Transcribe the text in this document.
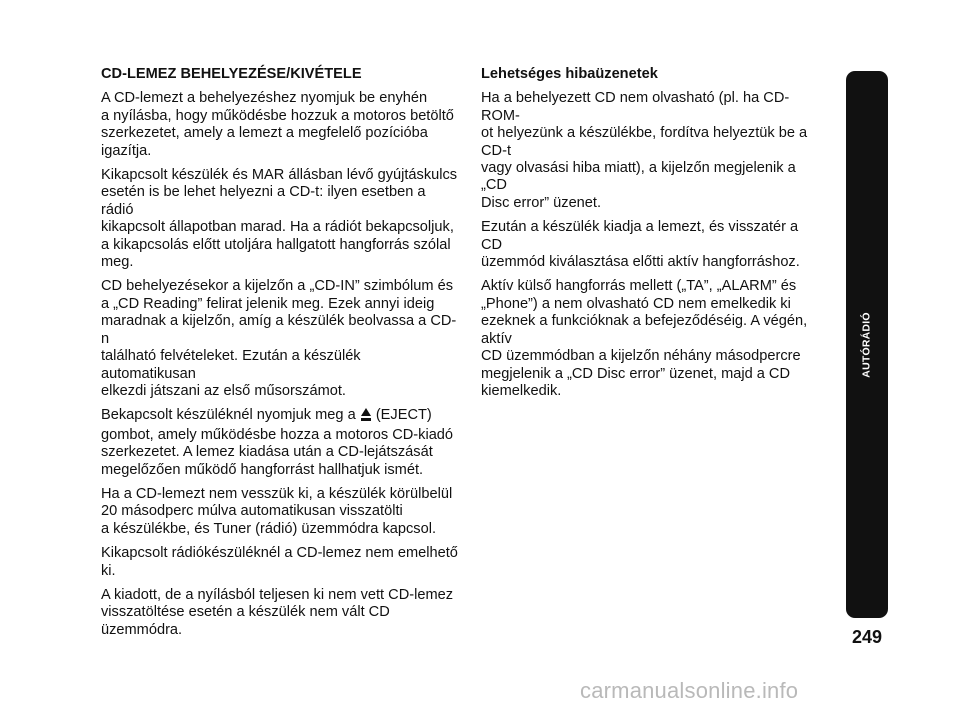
CD-LEMEZ BEHELYEZÉSE/KIVÉTELE

A CD-lemezt a behelyezéshez nyomjuk be enyhén
a nyílásba, hogy működésbe hozzuk a motoros betöltő
szerkezetet, amely a lemezt a megfelelő pozícióba
igazítja.

Kikapcsolt készülék és MAR állásban lévő gyújtáskulcs
esetén is be lehet helyezni a CD-t: ilyen esetben a rádió
kikapcsolt állapotban marad. Ha a rádiót bekapcsoljuk,
a kikapcsolás előtt utoljára hallgatott hangforrás szólal
meg.

CD behelyezésekor a kijelzőn a „CD-IN” szimbólum és
a „CD Reading” felirat jelenik meg. Ezek annyi ideig
maradnak a kijelzőn, amíg a készülék beolvassa a CD-n
található felvételeket. Ezután a készülék automatikusan
elkezdi játszani az első műsorszámot.

Bekapcsolt készüléknél nyomjuk meg a  (EJECT)
gombot, amely működésbe hozza a motoros CD-kiadó
szerkezetet. A lemez kiadása után a CD-lejátszását
megelőzően működő hangforrást hallhatjuk ismét.

Ha a CD-lemezt nem vesszük ki, a készülék körülbelül
20 másodperc múlva automatikusan visszatölti
a készülékbe, és Tuner (rádió) üzemmódra kapcsol.

Kikapcsolt rádiókészüléknél a CD-lemez nem emelhető ki.

A kiadott, de a nyílásból teljesen ki nem vett CD-lemez
visszatöltése esetén a készülék nem vált CD
üzemmódra.

Lehetséges hibaüzenetek

Ha a behelyezett CD nem olvasható (pl. ha CD-ROM-
ot helyezünk a készülékbe, fordítva helyeztük be a CD-t
vagy olvasási hiba miatt), a kijelzőn megjelenik a „CD
Disc error” üzenet.

Ezután a készülék kiadja a lemezt, és visszatér a CD
üzemmód kiválasztása előtti aktív hangforráshoz.

Aktív külső hangforrás mellett („TA”, „ALARM” és
„Phone”) a nem olvasható CD nem emelkedik ki
ezeknek a funkcióknak a befejeződéséig. A végén, aktív
CD üzemmódban a kijelzőn néhány másodpercre
megjelenik a „CD Disc error” üzenet, majd a CD
kiemelkedik.

AUTÓRÁDIÓ
249
carmanualsonline.info
